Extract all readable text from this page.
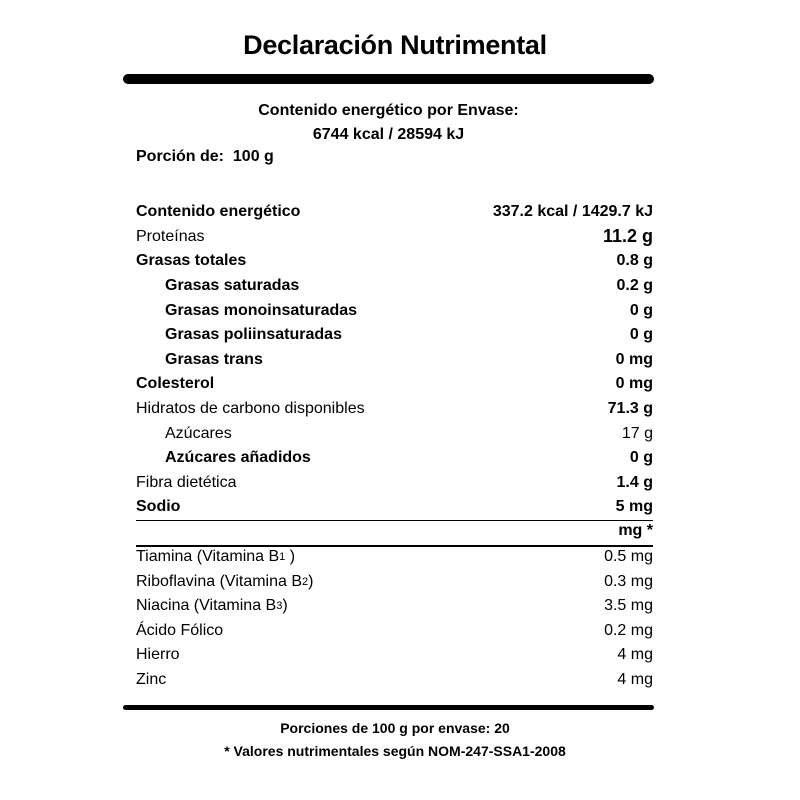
Declaración Nutrimental
Contenido energético por Envase:
6744 kcal / 28594 kJ
Porción de:  100 g
Contenido energético	337.2 kcal / 1429.7 kJ
Proteínas	11.2 g
Grasas totales	0.8 g
Grasas saturadas	0.2 g
Grasas monoinsaturadas	0 g
Grasas poliinsaturadas	0 g
Grasas trans	0 mg
Colesterol	0 mg
Hidratos de carbono disponibles	71.3 g
Azúcares	17 g
Azúcares añadidos	0 g
Fibra dietética	1.4 g
Sodio	5 mg
mg *
Tiamina (Vitamina B 1 )	0.5 mg
Riboflavina (Vitamina B 2 )	0.3 mg
Niacina (Vitamina B 3 )	3.5 mg
Ácido Fólico	0.2 mg
Hierro	4 mg
Zinc	4 mg
Porciones de 100 g por envase: 20
* Valores nutrimentales según NOM-247-SSA1-2008
